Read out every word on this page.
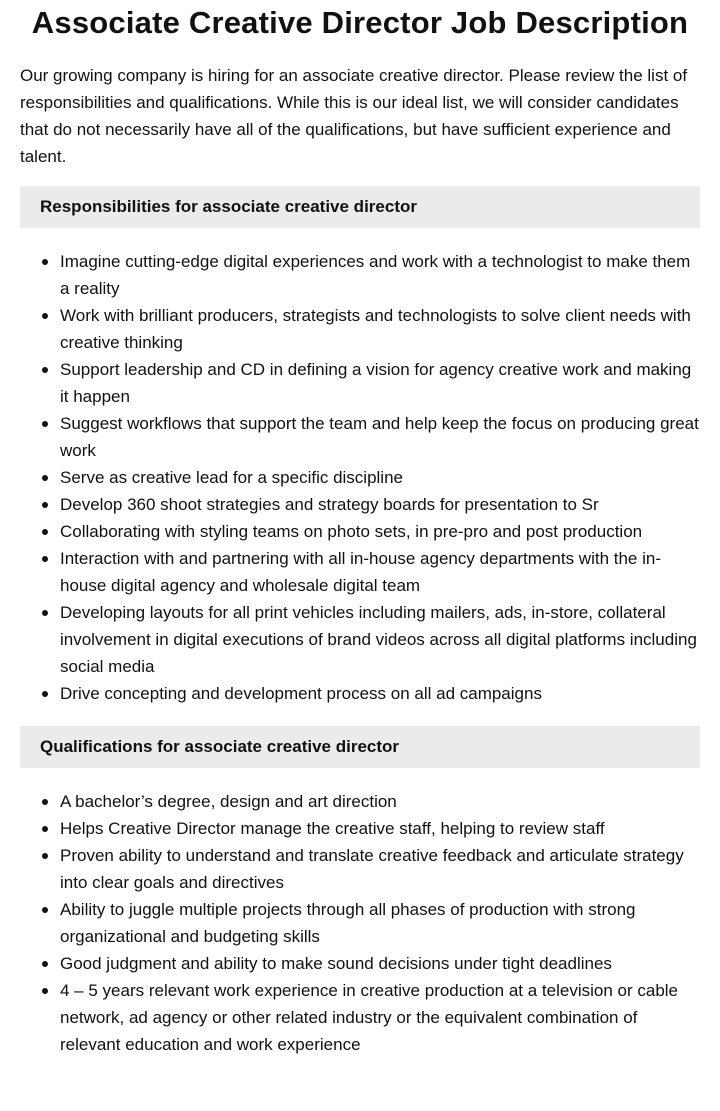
Associate Creative Director Job Description

Our growing company is hiring for an associate creative director. Please review the list of responsibilities and qualifications. While this is our ideal list, we will consider candidates that do not necessarily have all of the qualifications, but have sufficient experience and talent.

Responsibilities for associate creative director
Imagine cutting-edge digital experiences and work with a technologist to make them a reality
Work with brilliant producers, strategists and technologists to solve client needs with creative thinking
Support leadership and CD in defining a vision for agency creative work and making it happen
Suggest workflows that support the team and help keep the focus on producing great work
Serve as creative lead for a specific discipline
Develop 360 shoot strategies and strategy boards for presentation to Sr
Collaborating with styling teams on photo sets, in pre-pro and post production
Interaction with and partnering with all in-house agency departments with the in-house digital agency and wholesale digital team
Developing layouts for all print vehicles including mailers, ads, in-store, collateral involvement in digital executions of brand videos across all digital platforms including social media
Drive concepting and development process on all ad campaigns
Qualifications for associate creative director
A bachelor’s degree, design and art direction
Helps Creative Director manage the creative staff, helping to review staff
Proven ability to understand and translate creative feedback and articulate strategy into clear goals and directives
Ability to juggle multiple projects through all phases of production with strong organizational and budgeting skills
Good judgment and ability to make sound decisions under tight deadlines
4 – 5 years relevant work experience in creative production at a television or cable network, ad agency or other related industry or the equivalent combination of relevant education and work experience
